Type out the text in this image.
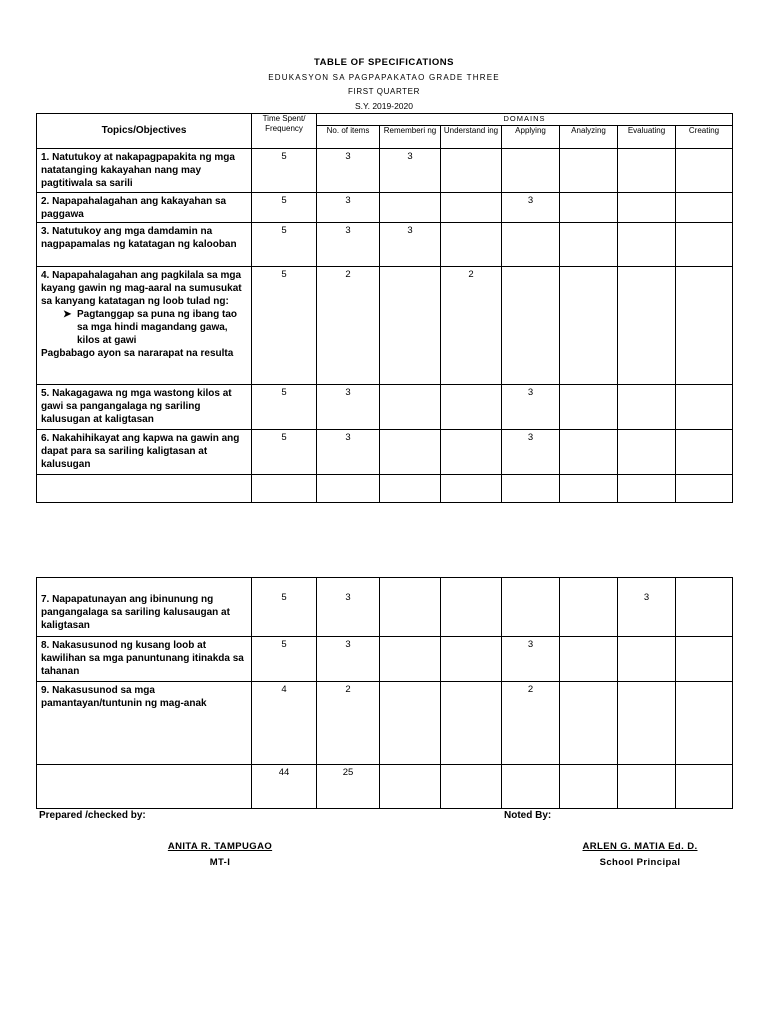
TABLE OF SPECIFICATIONS
EDUKASYON SA PAGPAPAKATAO GRADE THREE
FIRST QUARTER
S.Y. 2019-2020
Topics/Objectives	Time Spent/ Frequency	DOMAINS						
		No. of items	Rememberi ng	Understand ing	Applying	Analyzing	Evaluating	Creating
1. Natutukoy at nakapagpapakita ng mga natatanging kakayahan nang may pagtitiwala sa sarili	5	3	3					
2. Napapahalagahan ang kakayahan sa paggawa	5	3			3			
3. Natutukoy ang mga damdamin na nagpapamalas ng katatagan ng kalooban	5	3	3					

4. Napapahalagahan ang pagkilala sa mga kayang gawin ng mag-aaral na sumusukat sa kanyang katatagan ng loob tulad ng:
➤ Pagtanggap sa puna ng ibang tao sa mga hindi magandang gawa, kilos at gawi
Pagbabago ayon sa nararapat na resulta	5	2		2				
5. Nakagagawa ng mga wastong kilos at gawi sa pangangalaga ng sariling kalusugan at kaligtasan	5	3			3			
6. Nakahihikayat ang kapwa na gawin ang dapat para sa sariling kaligtasan at kalusugan	5	3			3			

7. Napapatunayan ang ibinunung ng pangangalaga sa sariling kalusaugan at kaligtasan	5	3					3	
8. Nakasusunod ng kusang loob at kawilihan sa mga panuntunang itinakda sa tahanan	5	3			3			
9. Nakasusunod sa mga pamantayan/tuntunin ng mag-anak	4	2			2			
	44	25						
Prepared /checked by:	Noted By:
ANITA R. TAMPUGAO
MT-I
ARLEN G. MATIA Ed. D.
School Principal
